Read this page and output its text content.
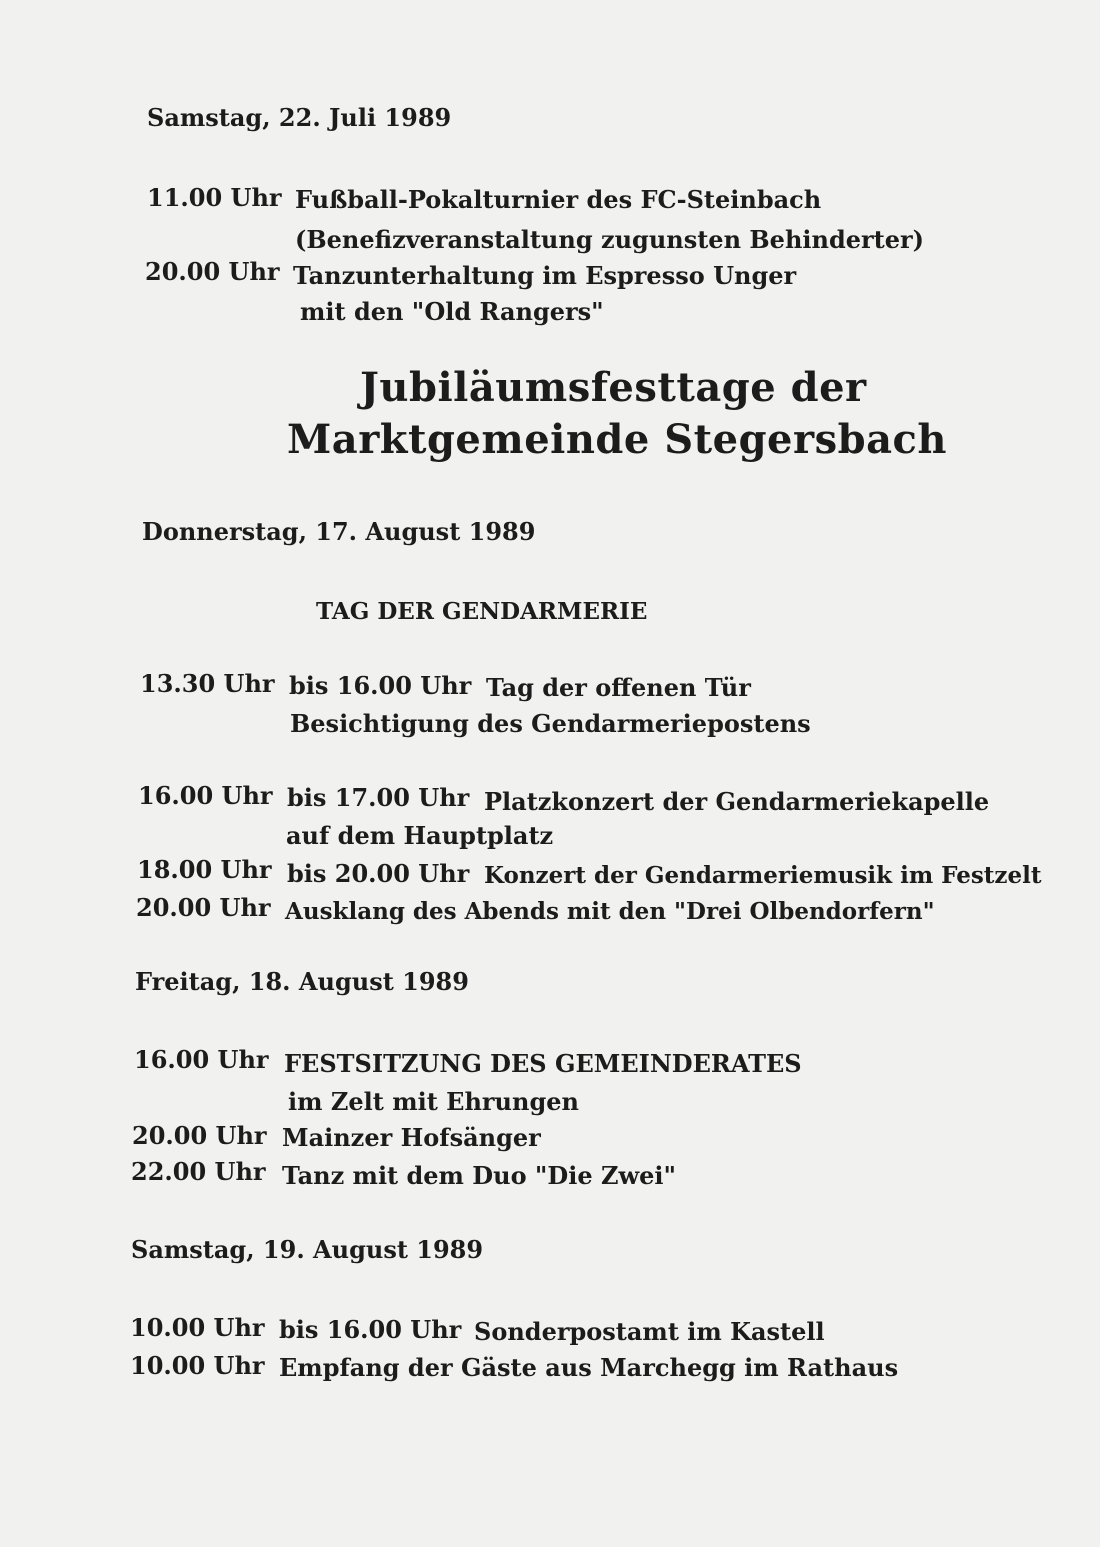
Samstag, 22. Juli 1989
11.00 Uhr Fußball-Pokalturnier des FC-Steinbach
(Benefizveranstaltung zugunsten Behinderter)
20.00 Uhr Tanzunterhaltung im Espresso Unger
mit den "Old Rangers"
Jubiläumsfesttage der
Marktgemeinde Stegersbach
Donnerstag, 17. August 1989
TAG DER GENDARMERIE
13.30 Uhr bis 16.00 Uhr Tag der offenen Tür
Besichtigung des Gendarmeriepostens
16.00 Uhr bis 17.00 Uhr Platzkonzert der Gendarmeriekapelle
auf dem Hauptplatz
18.00 Uhr bis 20.00 Uhr Konzert der Gendarmeriemusik im Festzelt
20.00 Uhr Ausklang des Abends mit den "Drei Olbendorfern"
Freitag, 18. August 1989
16.00 Uhr FESTSITZUNG DES GEMEINDERATES
im Zelt mit Ehrungen
20.00 Uhr Mainzer Hofsänger
22.00 Uhr Tanz mit dem Duo "Die Zwei"
Samstag, 19. August 1989
10.00 Uhr bis 16.00 Uhr Sonderpostamt im Kastell
10.00 Uhr Empfang der Gäste aus Marchegg im Rathaus
